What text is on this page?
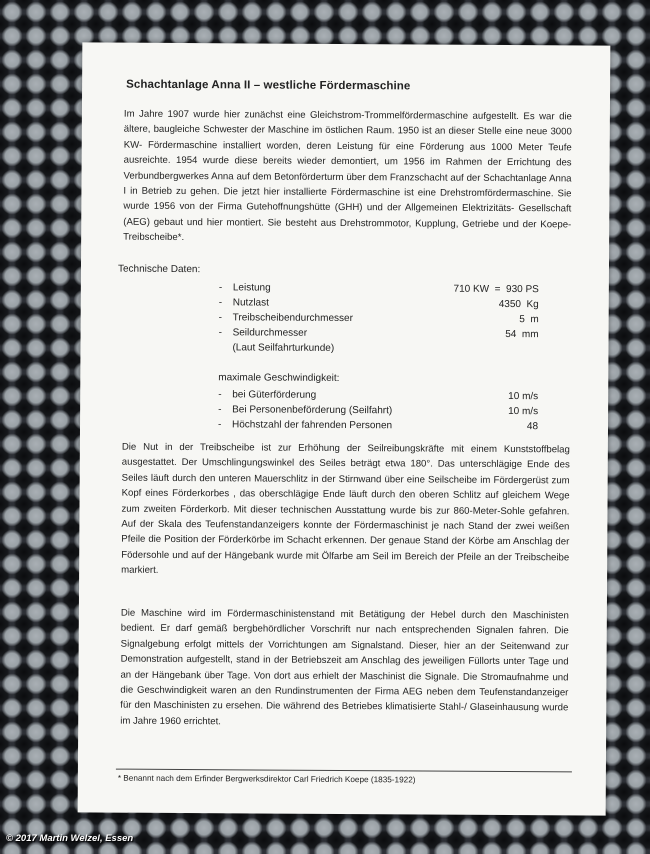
Schachtanlage Anna II – westliche Fördermaschine

Im Jahre 1907 wurde hier zunächst eine Gleichstrom-Trommelfördermaschine aufgestellt. Es war die ältere, baugleiche Schwester der Maschine im östlichen Raum. 1950 ist an dieser Stelle eine neue 3000 KW- Fördermaschine installiert worden, deren Leistung für eine Förderung aus 1000 Meter Teufe ausreichte. 1954 wurde diese bereits wieder demontiert, um 1956 im Rahmen der Errichtung des Verbundbergwerkes Anna auf dem Betonförderturm über dem Franzschacht auf der Schachtanlage Anna I in Betrieb zu gehen. Die jetzt hier installierte Fördermaschine ist eine Drehstromfördermaschine. Sie wurde 1956 von der Firma Gutehoffnungshütte (GHH) und der Allgemeinen Elektrizitäts- Gesellschaft (AEG) gebaut und hier montiert. Sie besteht aus Drehstrommotor, Kupplung, Getriebe und der Koepe-Treibscheibe*.

Technische Daten:

- Leistung	710 KW  =  930 PS
- Nutzlast	4350  Kg
- Treibscheibendurchmesser	5  m
- Seildurchmesser	54  mm
(Laut Seilfahrturkunde)

maximale Geschwindigkeit:

- bei Güterförderung	10 m/s
- Bei Personenbeförderung (Seilfahrt)	10 m/s
- Höchstzahl der fahrenden Personen	48

Die Nut in der Treibscheibe ist zur Erhöhung der Seilreibungskräfte mit einem Kunststoffbelag ausgestattet. Der Umschlingungswinkel des Seiles beträgt etwa 180°. Das unterschlägige Ende des Seiles läuft durch den unteren Mauerschlitz in der Stirnwand über eine Seilscheibe im Fördergerüst zum Kopf eines Förderkorbes , das oberschlägige Ende läuft durch den oberen Schlitz auf gleichem Wege zum zweiten Förderkorb. Mit dieser technischen Ausstattung wurde bis zur 860-Meter-Sohle gefahren. Auf der Skala des Teufenstandanzeigers konnte der Fördermaschinist je nach Stand der zwei weißen Pfeile die Position der Förderkörbe im Schacht erkennen. Der genaue Stand der Körbe am Anschlag der Födersohle und auf der Hängebank wurde mit Ölfarbe am Seil im Bereich der Pfeile an der Treibscheibe markiert.

Die Maschine wird im Fördermaschinistenstand mit Betätigung der Hebel durch den Maschinisten bedient. Er darf gemäß bergbehördlicher Vorschrift nur nach entsprechenden Signalen fahren. Die Signalgebung erfolgt mittels der Vorrichtungen am Signalstand. Dieser, hier an der Seitenwand zur Demonstration aufgestellt, stand in der Betriebszeit am Anschlag des jeweiligen Füllorts unter Tage und an der Hängebank über Tage. Von dort aus erhielt der Maschinist die Signale. Die Stromaufnahme und die Geschwindigkeit waren an den Rundinstrumenten der Firma AEG neben dem Teufenstandanzeiger für den Maschinisten zu ersehen. Die während des Betriebes klimatisierte Stahl-/ Glaseinhausung wurde im Jahre 1960 errichtet.

* Benannt nach dem Erfinder Bergwerksdirektor Carl Friedrich Koepe (1835-1922)

© 2017 Martin Welzel, Essen
